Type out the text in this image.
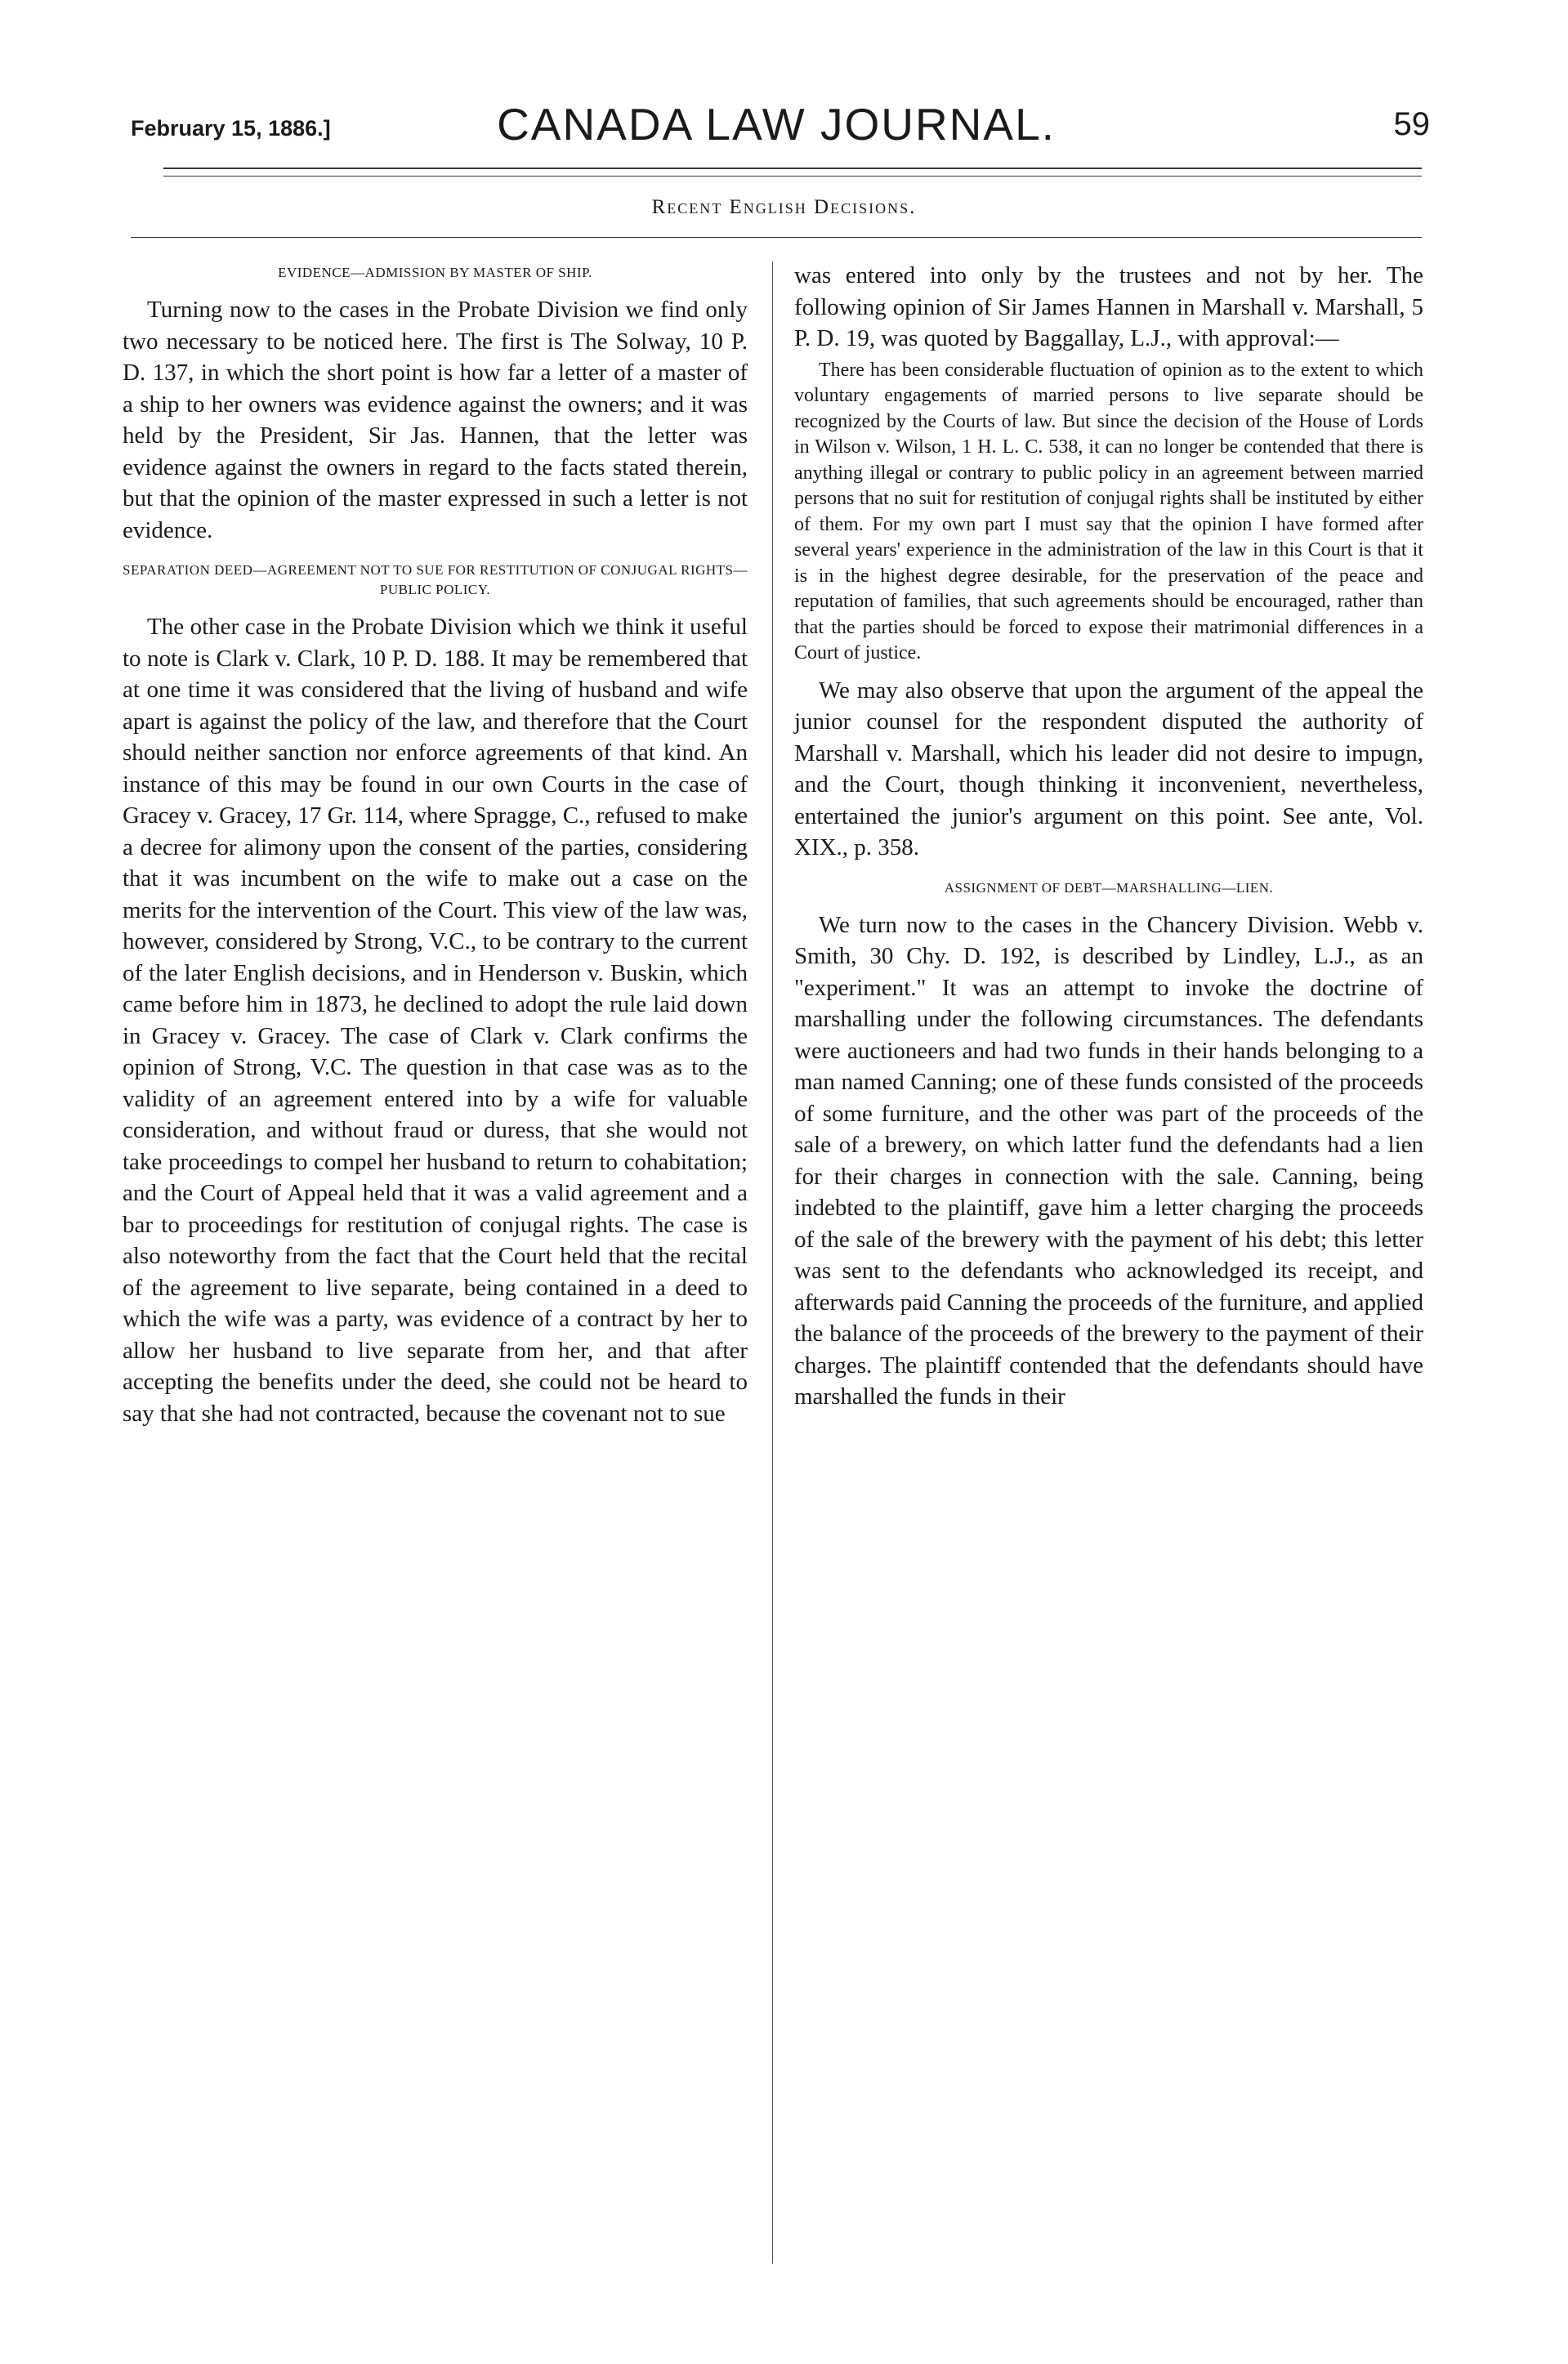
February 15, 1886.]	CANADA LAW JOURNAL.	59
Recent English Decisions.
EVIDENCE—ADMISSION BY MASTER OF SHIP.

Turning now to the cases in the Probate Division we find only two necessary to be noticed here. The first is The Solway, 10 P. D. 137, in which the short point is how far a letter of a master of a ship to her owners was evidence against the owners; and it was held by the President, Sir Jas. Hannen, that the letter was evidence against the owners in regard to the facts stated therein, but that the opinion of the master expressed in such a letter is not evidence.

SEPARATION DEED—AGREEMENT NOT TO SUE FOR RESTITUTION OF CONJUGAL RIGHTS—PUBLIC POLICY.

The other case in the Probate Division which we think it useful to note is Clark v. Clark, 10 P. D. 188. It may be remembered that at one time it was considered that the living of husband and wife apart is against the policy of the law, and therefore that the Court should neither sanction nor enforce agreements of that kind. An instance of this may be found in our own Courts in the case of Gracey v. Gracey, 17 Gr. 114, where Spragge, C., refused to make a decree for alimony upon the consent of the parties, considering that it was incumbent on the wife to make out a case on the merits for the intervention of the Court. This view of the law was, however, considered by Strong, V.C., to be contrary to the current of the later English decisions, and in Henderson v. Buskin, which came before him in 1873, he declined to adopt the rule laid down in Gracey v. Gracey. The case of Clark v. Clark confirms the opinion of Strong, V.C. The question in that case was as to the validity of an agreement entered into by a wife for valuable consideration, and without fraud or duress, that she would not take proceedings to compel her husband to return to cohabitation; and the Court of Appeal held that it was a valid agreement and a bar to proceedings for restitution of conjugal rights. The case is also noteworthy from the fact that the Court held that the recital of the agreement to live separate, being contained in a deed to which the wife was a party, was evidence of a contract by her to allow her husband to live separate from her, and that after accepting the benefits under the deed, she could not be heard to say that she had not contracted, because the covenant not to sue

was entered into only by the trustees and not by her. The following opinion of Sir James Hannen in Marshall v. Marshall, 5 P. D. 19, was quoted by Baggallay, L.J., with approval:—

There has been considerable fluctuation of opinion as to the extent to which voluntary engagements of married persons to live separate should be recognized by the Courts of law. But since the decision of the House of Lords in Wilson v. Wilson, 1 H. L. C. 538, it can no longer be contended that there is anything illegal or contrary to public policy in an agreement between married persons that no suit for restitution of conjugal rights shall be instituted by either of them. For my own part I must say that the opinion I have formed after several years' experience in the administration of the law in this Court is that it is in the highest degree desirable, for the preservation of the peace and reputation of families, that such agreements should be encouraged, rather than that the parties should be forced to expose their matrimonial differences in a Court of justice.

We may also observe that upon the argument of the appeal the junior counsel for the respondent disputed the authority of Marshall v. Marshall, which his leader did not desire to impugn, and the Court, though thinking it inconvenient, nevertheless, entertained the junior's argument on this point. See ante, Vol. XIX., p. 358.

ASSIGNMENT OF DEBT—MARSHALLING—LIEN.

We turn now to the cases in the Chancery Division. Webb v. Smith, 30 Chy. D. 192, is described by Lindley, L.J., as an "experiment." It was an attempt to invoke the doctrine of marshalling under the following circumstances. The defendants were auctioneers and had two funds in their hands belonging to a man named Canning; one of these funds consisted of the proceeds of some furniture, and the other was part of the proceeds of the sale of a brewery, on which latter fund the defendants had a lien for their charges in connection with the sale. Canning, being indebted to the plaintiff, gave him a letter charging the proceeds of the sale of the brewery with the payment of his debt; this letter was sent to the defendants who acknowledged its receipt, and afterwards paid Canning the proceeds of the furniture, and applied the balance of the proceeds of the brewery to the payment of their charges. The plaintiff contended that the defendants should have marshalled the funds in their
